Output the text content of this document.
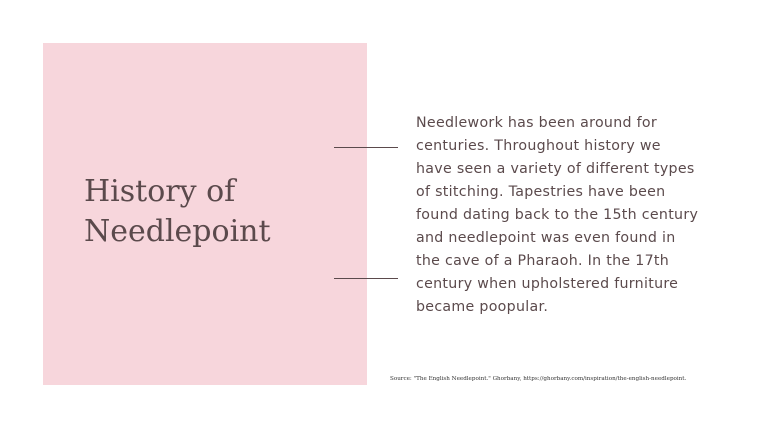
History of
Needlepoint

Needlework has been around for
centuries. Throughout history we
have seen a variety of different types
of stitching. Tapestries have been
found dating back to the 15th century
and needlepoint was even found in
the cave of a Pharaoh. In the 17th
century when upholstered furniture
became poopular.

Source: "The English Needlepoint." Ghorbany, https://ghorbany.com/inspiration/the-english-needlepoint.
